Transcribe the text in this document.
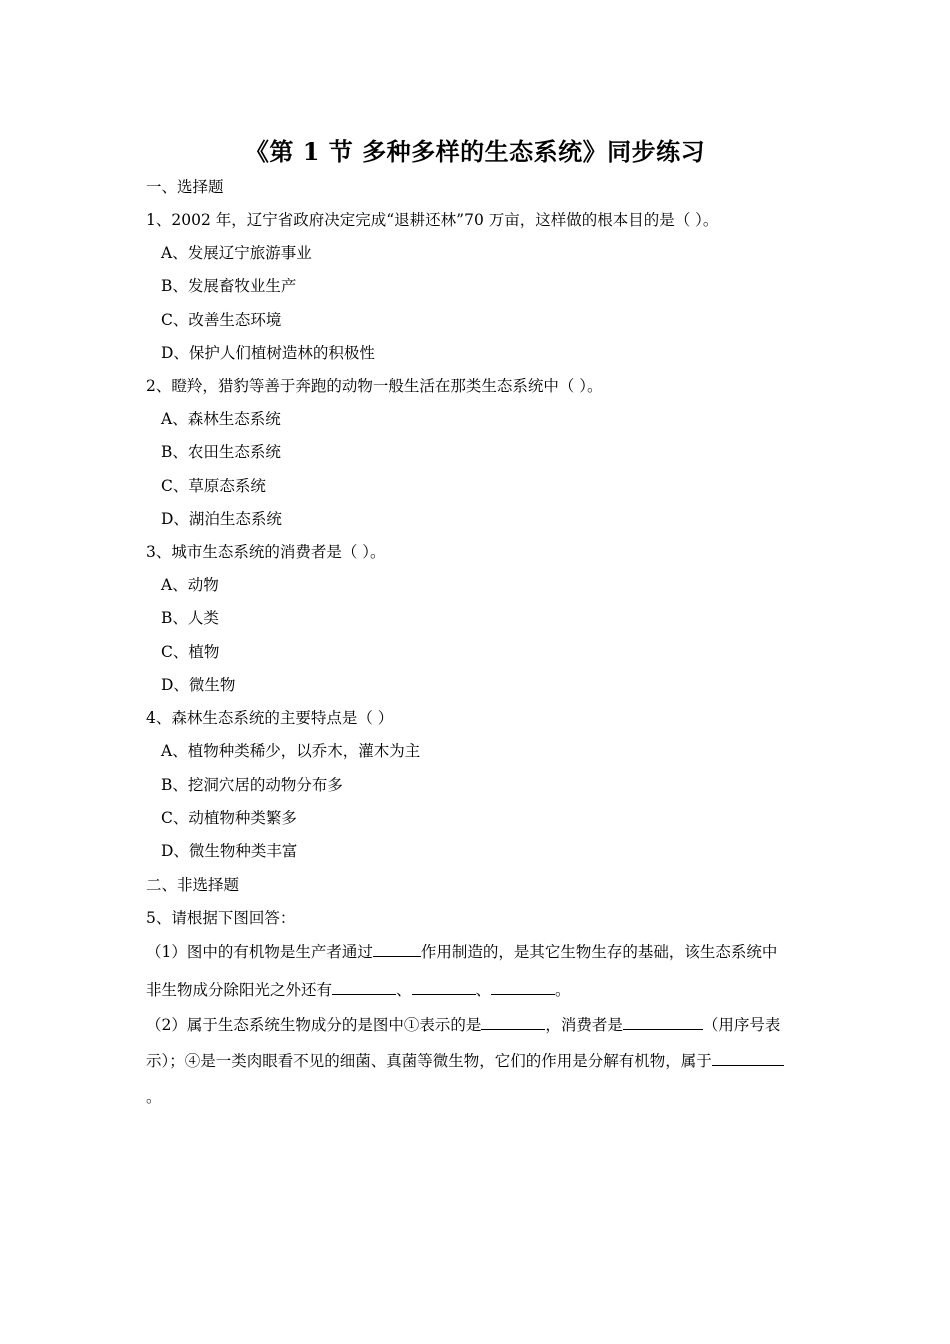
《第 1 节 多种多样的生态系统》同步练习
一、选择题
1、2002 年，辽宁省政府决定完成“退耕还林”70 万亩，这样做的根本目的是（ ）。
A、发展辽宁旅游事业
B、发展畜牧业生产
C、改善生态环境
D、保护人们植树造林的积极性
2、瞪羚，猎豹等善于奔跑的动物一般生活在那类生态系统中（ ）。
A、森林生态系统
B、农田生态系统
C、草原态系统
D、湖泊生态系统
3、城市生态系统的消费者是（ ）。
A、动物
B、人类
C、植物
D、微生物
4、森林生态系统的主要特点是（ ）
A、植物种类稀少，以乔木，灌木为主
B、挖洞穴居的动物分布多
C、动植物种类繁多
D、微生物种类丰富
二、非选择题
5、请根据下图回答：
（1）图中的有机物是生产者通过	作用制造的，是其它生物生存的基础，该生态系统中
非生物成分除阳光之外还有	、	、	。
（2）属于生态系统生物成分的是图中①表示的是	，消费者是	（用序号表
示）；④是一类肉眼看不见的细菌、真菌等微生物，它们的作用是分解有机物，属于
。
